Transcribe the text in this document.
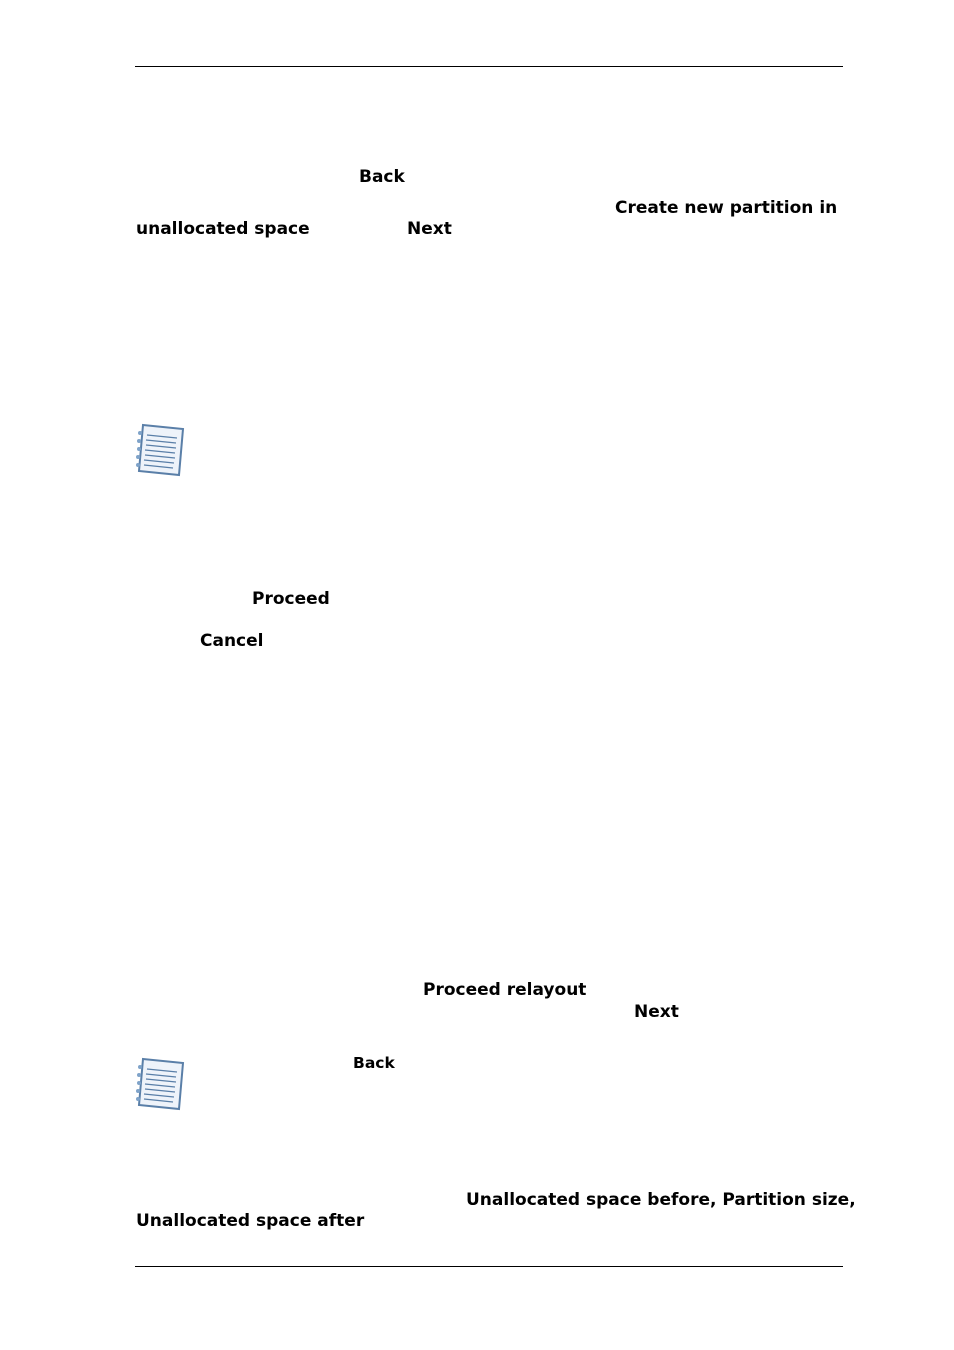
Back
Create new partition in
unallocated space	Next
Proceed
Cancel
Proceed relayout
Next
Back
Unallocated space before, Partition size,
Unallocated space after
